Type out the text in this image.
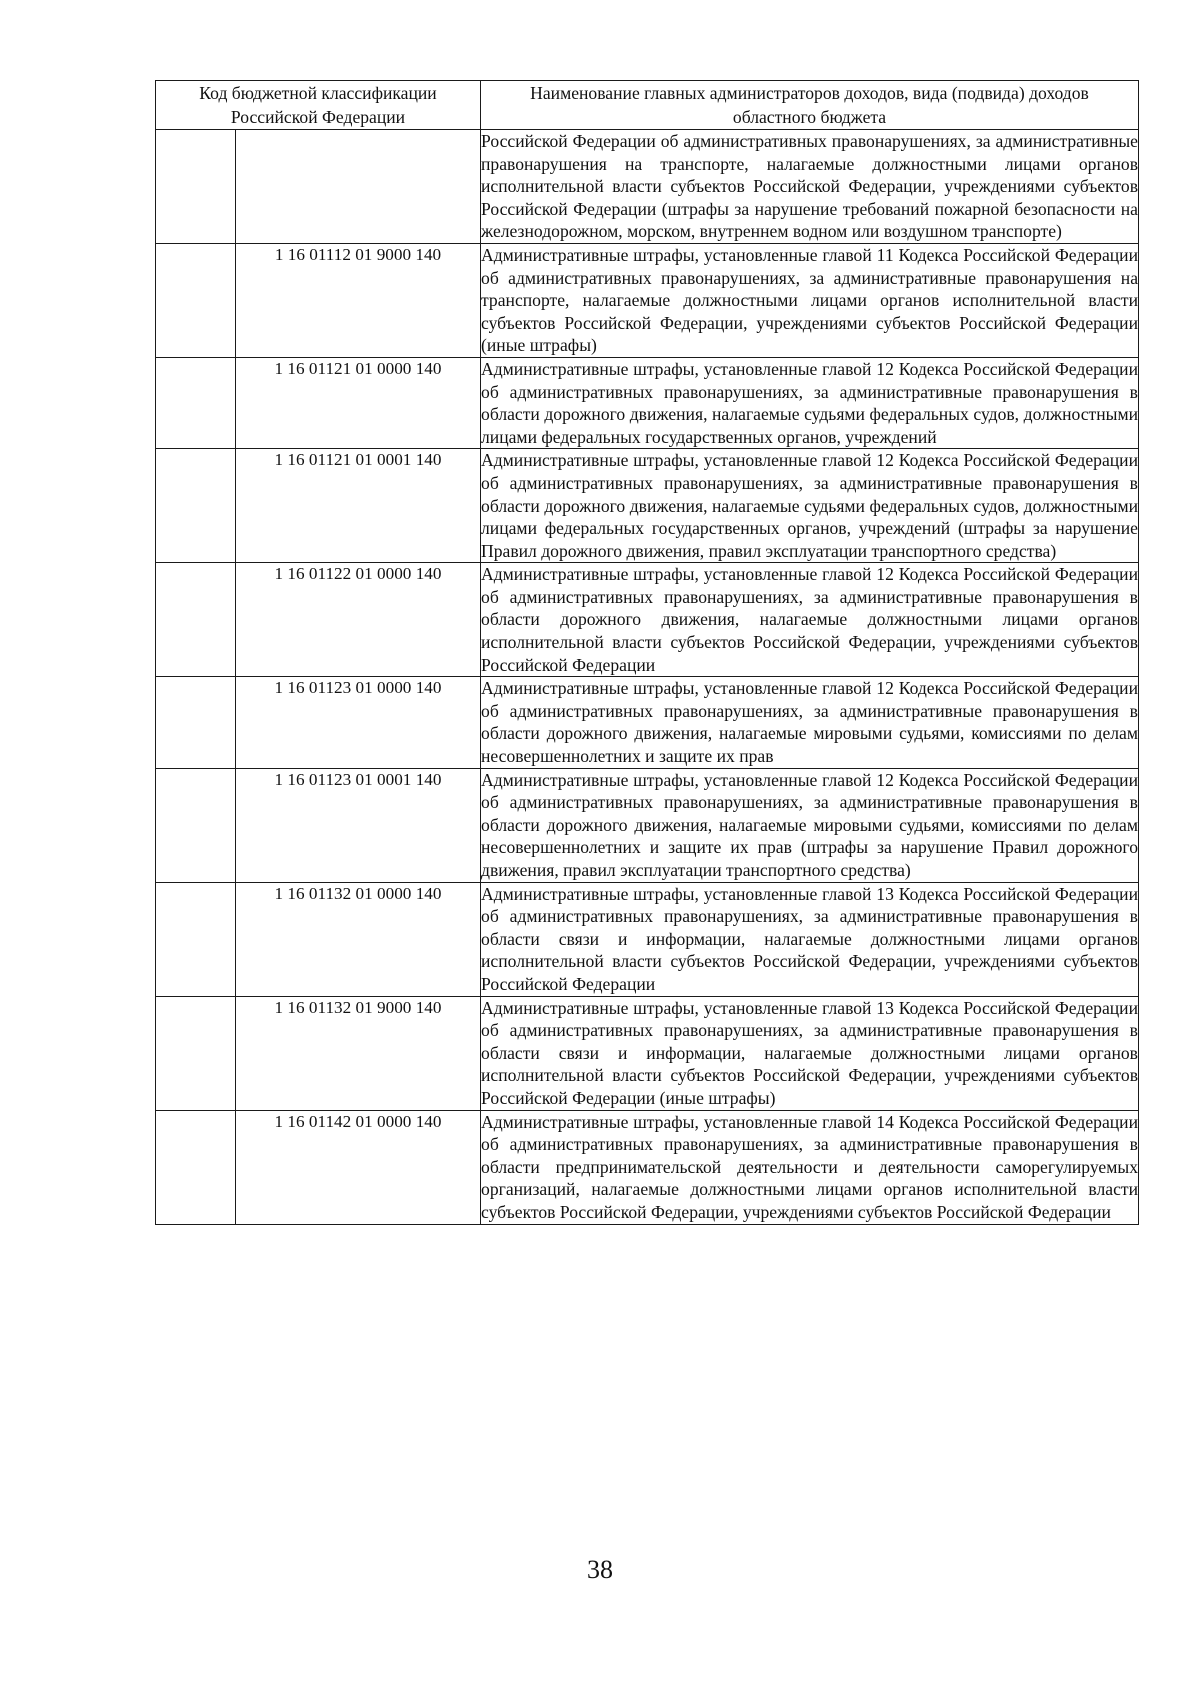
Код бюджетной классификации Российской Федерации		Наименование главных администраторов доходов, вида (подвида) доходов областного бюджета
		Российской Федерации об административных правонарушениях, за административные правонарушения на транспорте, налагаемые должностными лицами органов исполнительной власти субъектов Российской Федерации, учреждениями субъектов Российской Федерации (штрафы за нарушение требований пожарной безопасности на железнодорожном, морском, внутреннем водном или воздушном транспорте)
	1 16 01112 01 9000 140	Административные штрафы, установленные главой 11 Кодекса Российской Федерации об административных правонарушениях, за административные правонарушения на транспорте, налагаемые должностными лицами органов исполнительной власти субъектов Российской Федерации, учреждениями субъектов Российской Федерации (иные штрафы)
	1 16 01121 01 0000 140	Административные штрафы, установленные главой 12 Кодекса Российской Федерации об административных правонарушениях, за административные правонарушения в области дорожного движения, налагаемые судьями федеральных судов, должностными лицами федеральных государственных органов, учреждений
	1 16 01121 01 0001 140	Административные штрафы, установленные главой 12 Кодекса Российской Федерации об административных правонарушениях, за административные правонарушения в области дорожного движения, налагаемые судьями федеральных судов, должностными лицами федеральных государственных органов, учреждений (штрафы за нарушение Правил дорожного движения, правил эксплуатации транспортного средства)
	1 16 01122 01 0000 140	Административные штрафы, установленные главой 12 Кодекса Российской Федерации об административных правонарушениях, за административные правонарушения в области дорожного движения, налагаемые должностными лицами органов исполнительной власти субъектов Российской Федерации, учреждениями субъектов Российской Федерации
	1 16 01123 01 0000 140	Административные штрафы, установленные главой 12 Кодекса Российской Федерации об административных правонарушениях, за административные правонарушения в области дорожного движения, налагаемые мировыми судьями, комиссиями по делам несовершеннолетних и защите их прав
	1 16 01123 01 0001 140	Административные штрафы, установленные главой 12 Кодекса Российской Федерации об административных правонарушениях, за административные правонарушения в области дорожного движения, налагаемые мировыми судьями, комиссиями по делам несовершеннолетних и защите их прав (штрафы за нарушение Правил дорожного движения, правил эксплуатации транспортного средства)
	1 16 01132 01 0000 140	Административные штрафы, установленные главой 13 Кодекса Российской Федерации об административных правонарушениях, за административные правонарушения в области связи и информации, налагаемые должностными лицами органов исполнительной власти субъектов Российской Федерации, учреждениями субъектов Российской Федерации
	1 16 01132 01 9000 140	Административные штрафы, установленные главой 13 Кодекса Российской Федерации об административных правонарушениях, за административные правонарушения в области связи и информации, налагаемые должностными лицами органов исполнительной власти субъектов Российской Федерации, учреждениями субъектов Российской Федерации (иные штрафы)
	1 16 01142 01 0000 140	Административные штрафы, установленные главой 14 Кодекса Российской Федерации об административных правонарушениях, за административные правонарушения в области предпринимательской деятельности и деятельности саморегулируемых организаций, налагаемые должностными лицами органов исполнительной власти субъектов Российской Федерации, учреждениями субъектов Российской Федерации
38
